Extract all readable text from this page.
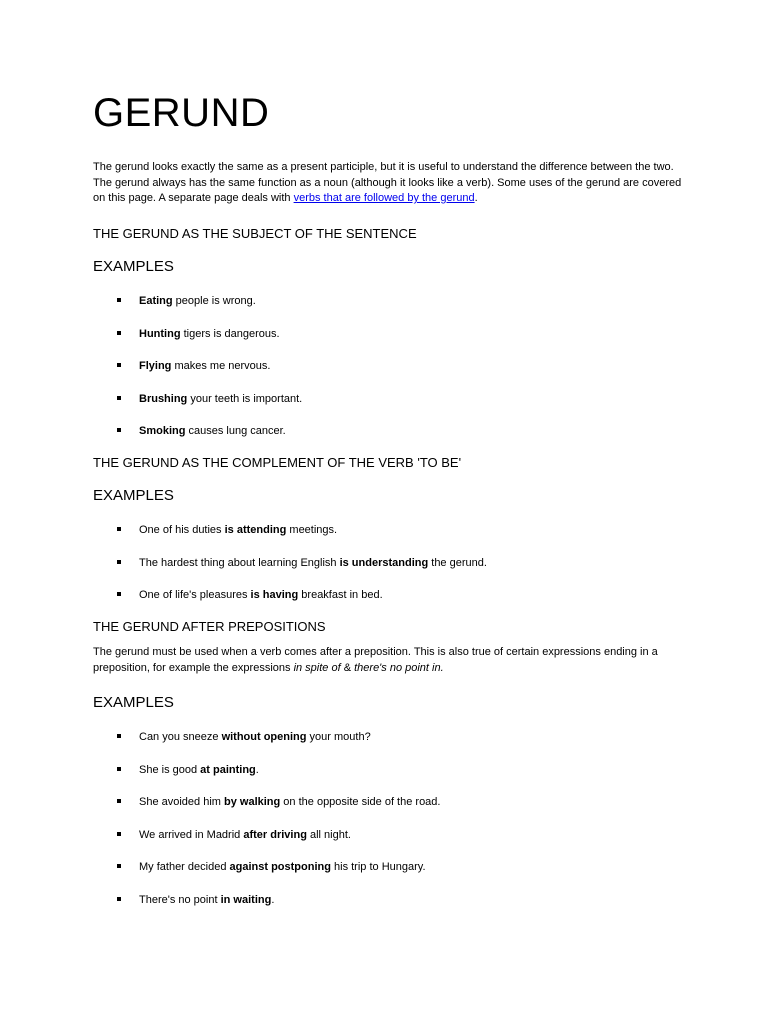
GERUND

The gerund looks exactly the same as a present participle, but it is useful to understand the difference between the two. The gerund always has the same function as a noun (although it looks like a verb). Some uses of the gerund are covered on this page. A separate page deals with verbs that are followed by the gerund.

THE GERUND AS THE SUBJECT OF THE SENTENCE
EXAMPLES
Eating people is wrong.
Hunting tigers is dangerous.
Flying makes me nervous.
Brushing your teeth is important.
Smoking causes lung cancer.
THE GERUND AS THE COMPLEMENT OF THE VERB 'TO BE'
EXAMPLES
One of his duties is attending meetings.
The hardest thing about learning English is understanding the gerund.
One of life's pleasures is having breakfast in bed.
THE GERUND AFTER PREPOSITIONS

The gerund must be used when a verb comes after a preposition. This is also true of certain expressions ending in a preposition, for example the expressions in spite of & there's no point in.

EXAMPLES
Can you sneeze without opening your mouth?
She is good at painting.
She avoided him by walking on the opposite side of the road.
We arrived in Madrid after driving all night.
My father decided against postponing his trip to Hungary.
There's no point in waiting.
